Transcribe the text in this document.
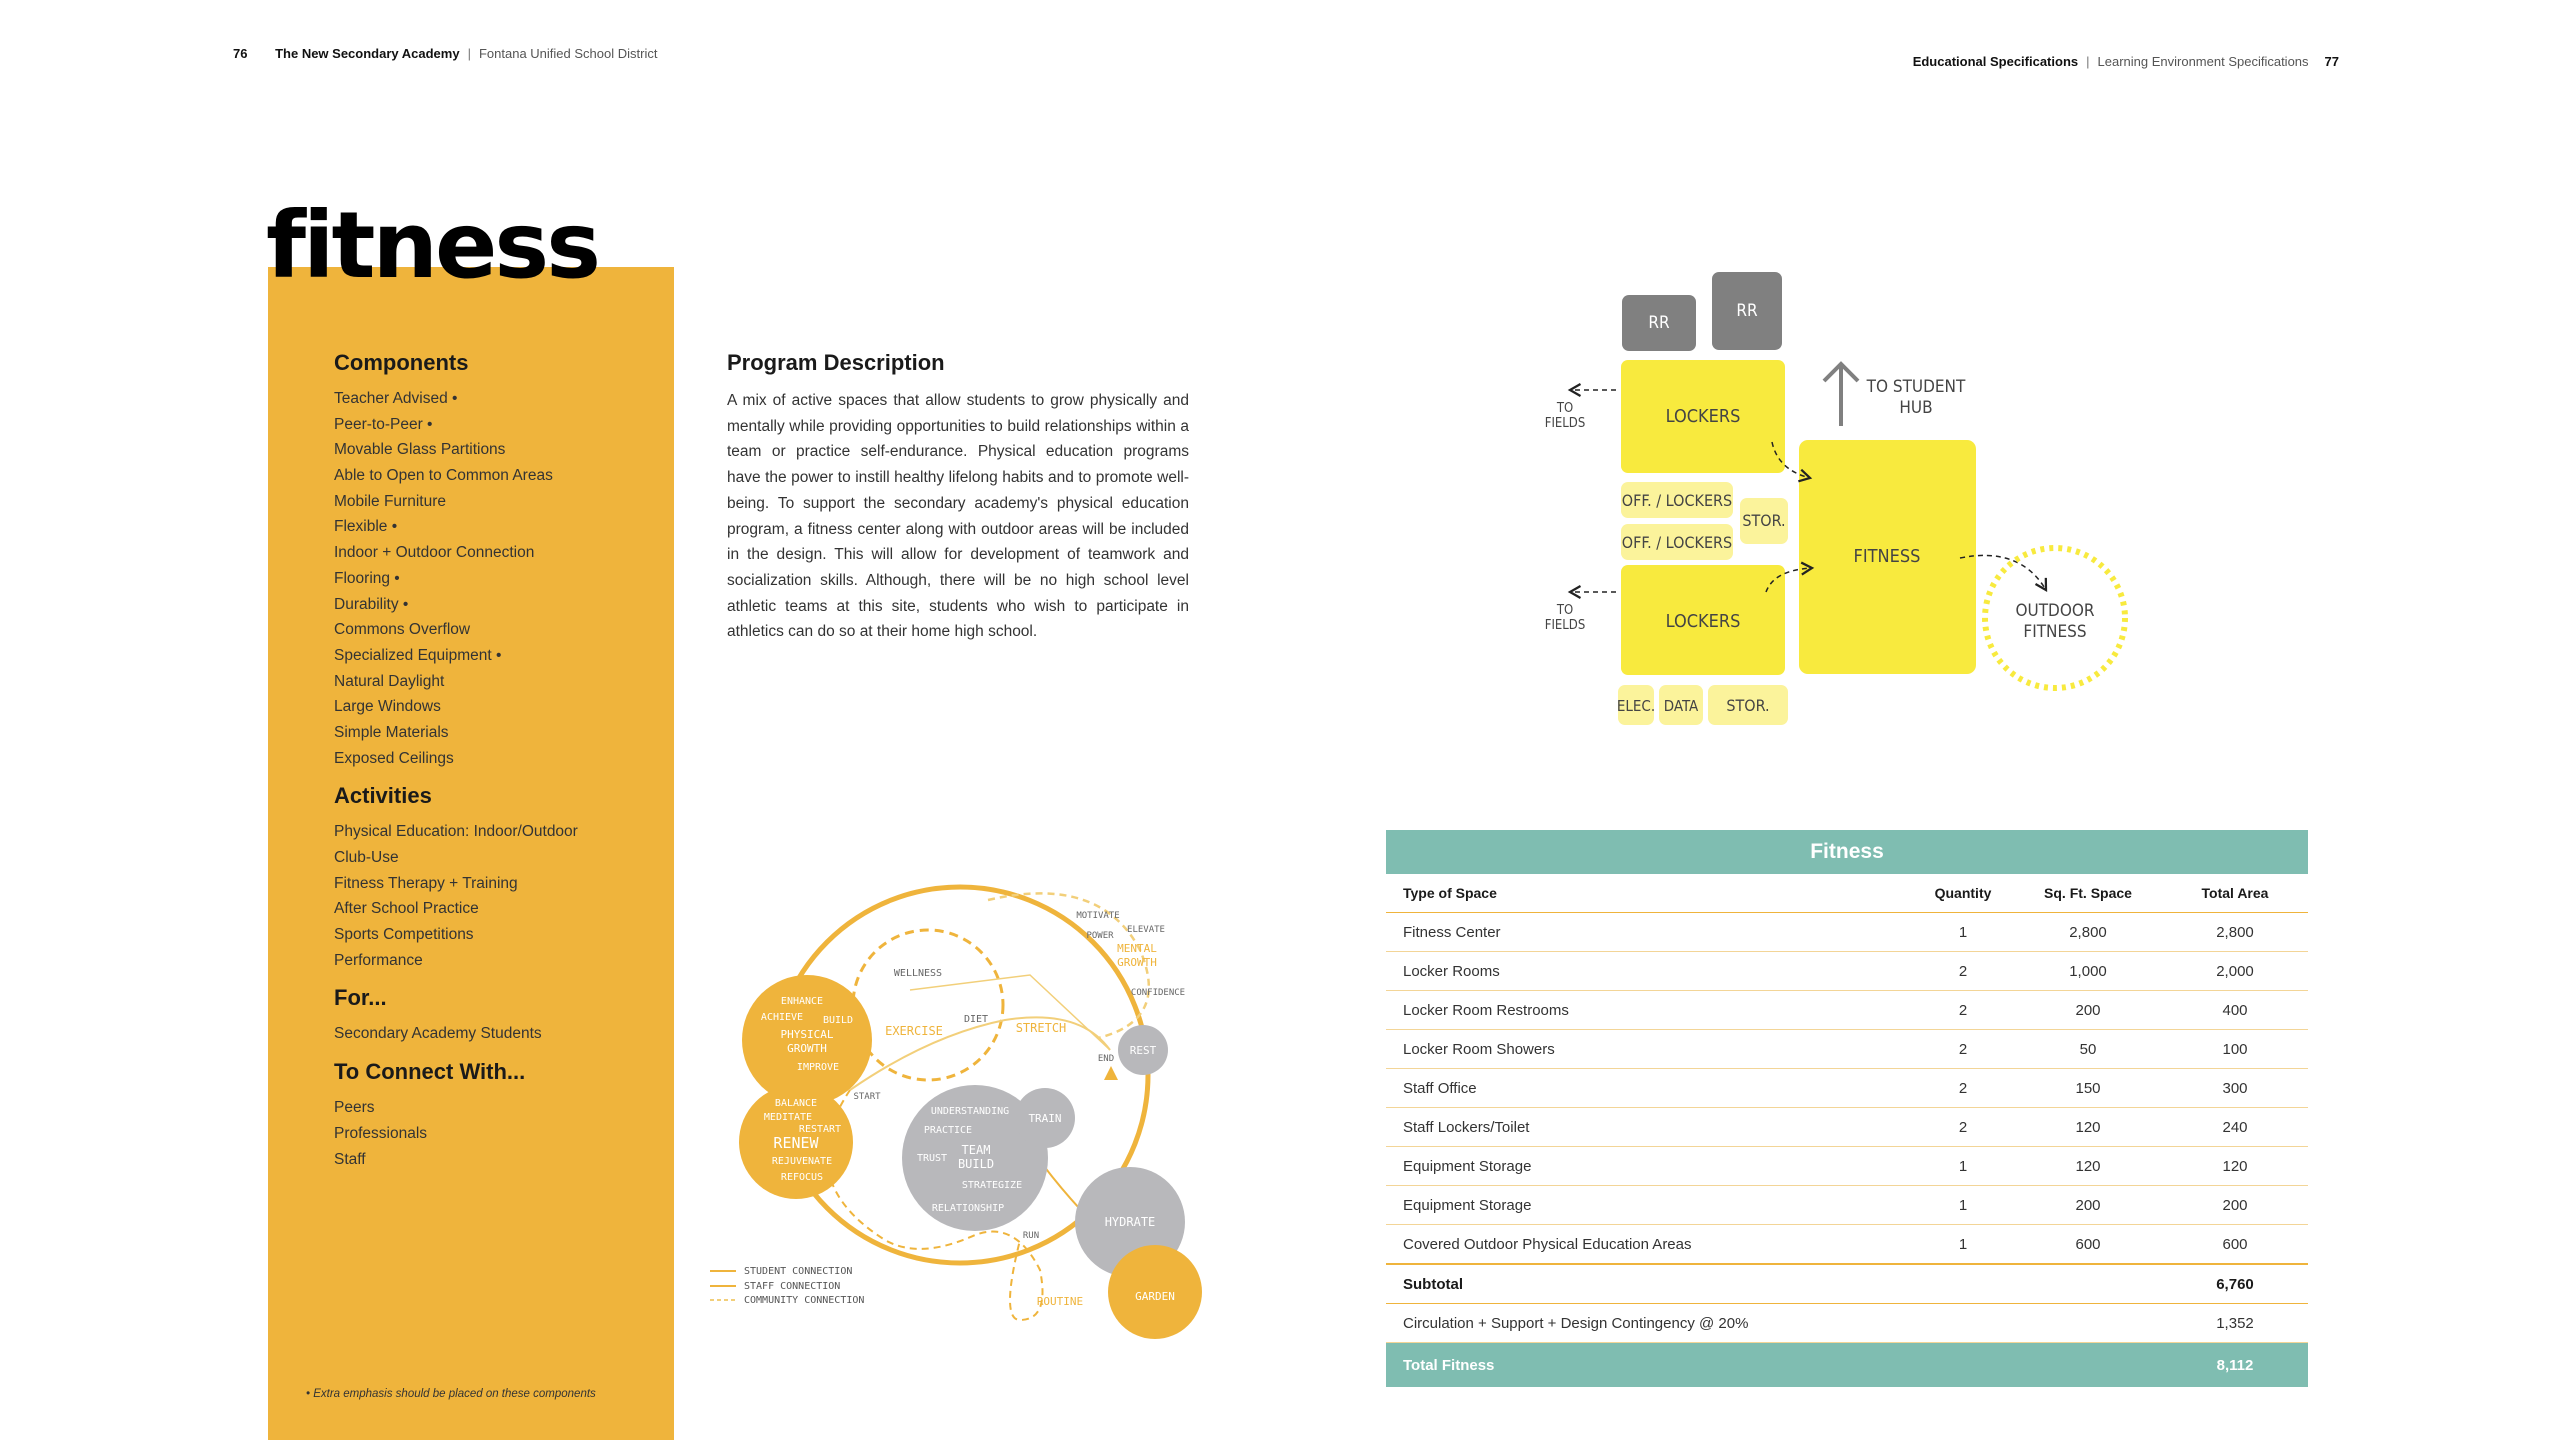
76 The New Secondary Academy | Fontana Unified School District
Educational Specifications | Learning Environment Specifications 77
fitness
Components
Teacher Advised •
Peer-to-Peer •
Movable Glass Partitions
Able to Open to Common Areas
Mobile Furniture
Flexible •
Indoor + Outdoor Connection
Flooring •
Durability •
Commons Overflow
Specialized Equipment •
Natural Daylight
Large Windows
Simple Materials
Exposed Ceilings
Activities
Physical Education: Indoor/Outdoor
Club-Use
Fitness Therapy + Training
After School Practice
Sports Competitions
Performance
For...
Secondary Academy Students
To Connect With...
Peers
Professionals
Staff
• Extra emphasis should be placed on these components
Program Description

A mix of active spaces that allow students to grow physically and mentally while providing opportunities to build relationships within a team or practice self-endurance. Physical education programs have the power to instill healthy lifelong habits and to promote well-being. To support the secondary academy's physical education program, a fitness center along with outdoor areas will be included in the design. This will allow for development of teamwork and socialization skills. Although, there will be no high school level athletic teams at this site, students who wish to participate in athletics can do so at their home high school.

RR
RR
LOCKERS
OFF. / LOCKERS
OFF. / LOCKERS
STOR.
LOCKERS
ELEC. DATA STOR.
FITNESS
TO
FIELDS
TO
FIELDS
TO STUDENT
HUB
OUTDOOR
FITNESS
ENHANCE
ACHIEVE BUILD
PHYSICAL
GROWTH
IMPROVE
BALANCE
MEDITATE
RESTART
RENEW
REJUVENATE
REFOCUS
UNDERSTANDING
PRACTICE
TRUST
TEAM
BUILD
STRATEGIZE
RELATIONSHIP
TRAIN
REST
HYDRATE
GARDEN
MOTIVATE
ELEVATE
POWER
MENTAL
GROWTH
CONFIDENCE
WELLNESS
EXERCISE
DIET
STRETCH
END
START
RUN
ROUTINE
STUDENT CONNECTION
STAFF CONNECTION
COMMUNITY CONNECTION
Fitness
Type of Space	Quantity	Sq. Ft. Space	Total Area
Fitness Center	1	2,800	2,800
Locker Rooms	2	1,000	2,000
Locker Room Restrooms	2	200	400
Locker Room Showers	2	50	100
Staff Office	2	150	300
Staff Lockers/Toilet	2	120	240
Equipment Storage	1	120	120
Equipment Storage	1	200	200
Covered Outdoor Physical Education Areas	1	600	600
Subtotal			6,760
Circulation + Support + Design Contingency @ 20%			1,352
Total Fitness			8,112
